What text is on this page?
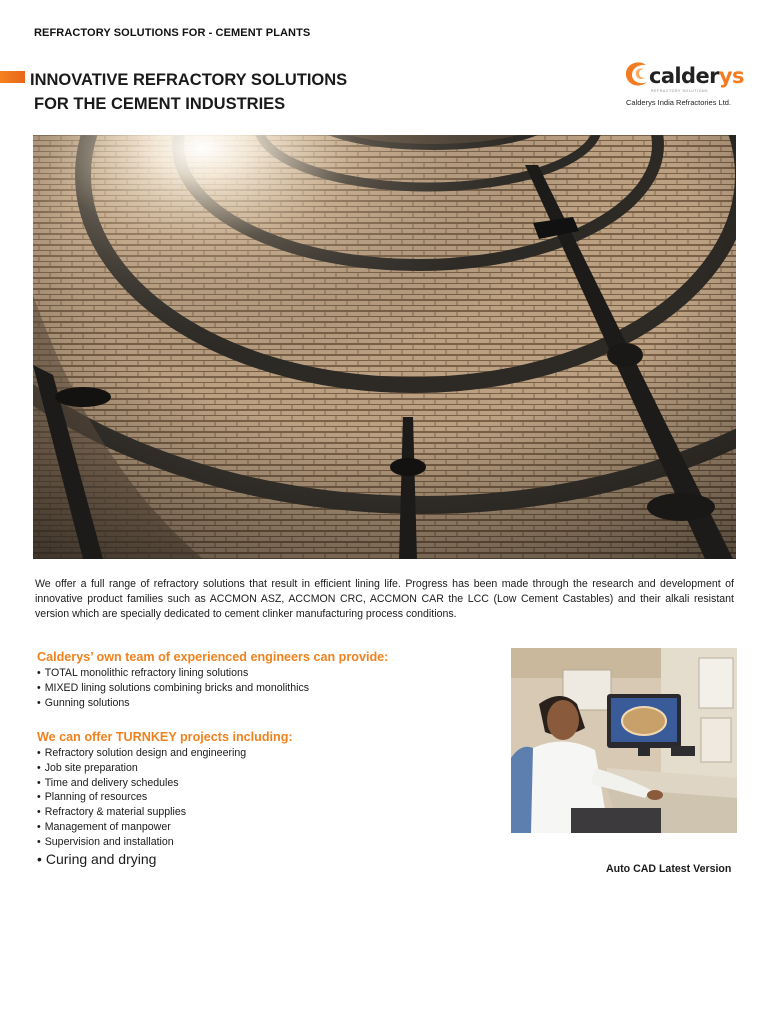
REFRACTORY SOLUTIONS FOR - CEMENT PLANTS
INNOVATIVE REFRACTORY SOLUTIONS
FOR THE CEMENT INDUSTRIES
calderys
REFRACTORY SOLUTIONS
Calderys India Refractories Ltd.

We offer a full range of refractory solutions that result in efficient lining life. Progress has been made through the research and development of innovative product families such as ACCMON ASZ, ACCMON CRC, ACCMON CAR the LCC (Low Cement Castables) and their alkali resistant version which are specially dedicated to cement clinker manufacturing process conditions.

Calderys’ own team of experienced engineers can provide:
• TOTAL monolithic refractory lining solutions
• MIXED lining solutions combining bricks and monolithics
• Gunning solutions
We can offer TURNKEY projects including:
• Refractory solution design and engineering
• Job site preparation
• Time and delivery schedules
• Planning of resources
• Refractory & material supplies
• Management of manpower
• Supervision and installation
• Curing and drying
Auto CAD Latest Version
